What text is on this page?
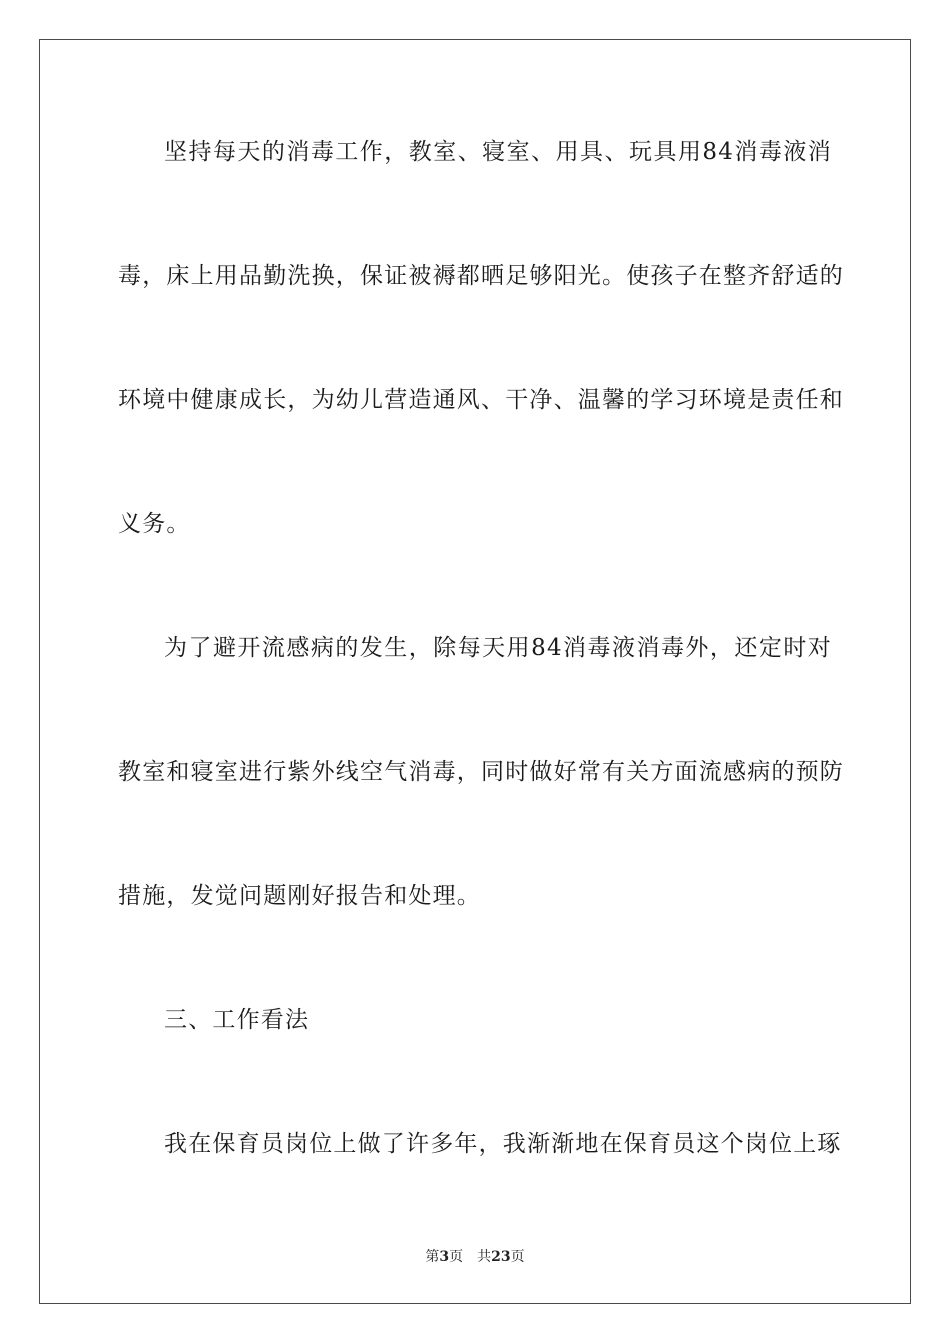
坚持每天的消毒工作，教室、寝室、用具、玩具用84消毒液消
毒，床上用品勤洗换，保证被褥都晒足够阳光。使孩子在整齐舒适的
环境中健康成长，为幼儿营造通风、干净、温馨的学习环境是责任和
义务。
为了避开流感病的发生，除每天用84消毒液消毒外，还定时对
教室和寝室进行紫外线空气消毒，同时做好常有关方面流感病的预防
措施，发觉问题刚好报告和处理。
三、工作看法
我在保育员岗位上做了许多年，我渐渐地在保育员这个岗位上琢
第3页 共23页
